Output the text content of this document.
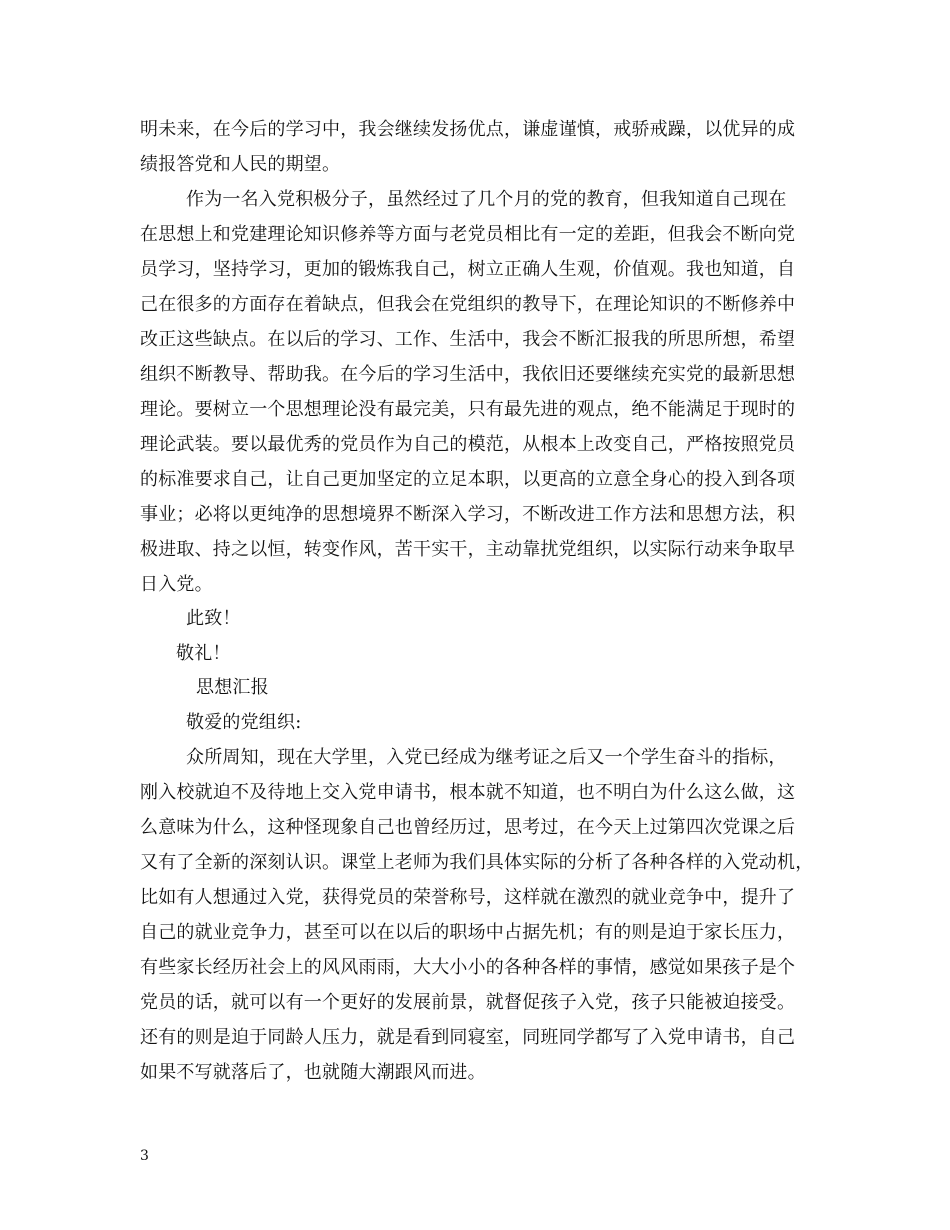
明未来，在今后的学习中，我会继续发扬优点，谦虚谨慎，戒骄戒躁，以优异的成
绩报答党和人民的期望。
作为一名入党积极分子，虽然经过了几个月的党的教育，但我知道自己现在
在思想上和党建理论知识修养等方面与老党员相比有一定的差距，但我会不断向党
员学习，坚持学习，更加的锻炼我自己，树立正确人生观，价值观。我也知道，自
己在很多的方面存在着缺点，但我会在党组织的教导下，在理论知识的不断修养中
改正这些缺点。在以后的学习、工作、生活中，我会不断汇报我的所思所想，希望
组织不断教导、帮助我。在今后的学习生活中，我依旧还要继续充实党的最新思想
理论。要树立一个思想理论没有最完美，只有最先进的观点，绝不能满足于现时的
理论武装。要以最优秀的党员作为自己的模范，从根本上改变自己，严格按照党员
的标准要求自己，让自己更加坚定的立足本职，以更高的立意全身心的投入到各项
事业；必将以更纯净的思想境界不断深入学习，不断改进工作方法和思想方法，积
极进取、持之以恒，转变作风，苦干实干，主动靠扰党组织，以实际行动来争取早
日入党。
此致！
敬礼！
思想汇报
敬爱的党组织:
众所周知，现在大学里，入党已经成为继考证之后又一个学生奋斗的指标，
刚入校就迫不及待地上交入党申请书，根本就不知道，也不明白为什么这么做，这
么意味为什么，这种怪现象自己也曾经历过，思考过，在今天上过第四次党课之后
又有了全新的深刻认识。课堂上老师为我们具体实际的分析了各种各样的入党动机，
比如有人想通过入党，获得党员的荣誉称号，这样就在激烈的就业竞争中，提升了
自己的就业竞争力，甚至可以在以后的职场中占据先机；有的则是迫于家长压力，
有些家长经历社会上的风风雨雨，大大小小的各种各样的事情，感觉如果孩子是个
党员的话，就可以有一个更好的发展前景，就督促孩子入党，孩子只能被迫接受。
还有的则是迫于同龄人压力，就是看到同寝室，同班同学都写了入党申请书，自己
如果不写就落后了，也就随大潮跟风而进。
3
